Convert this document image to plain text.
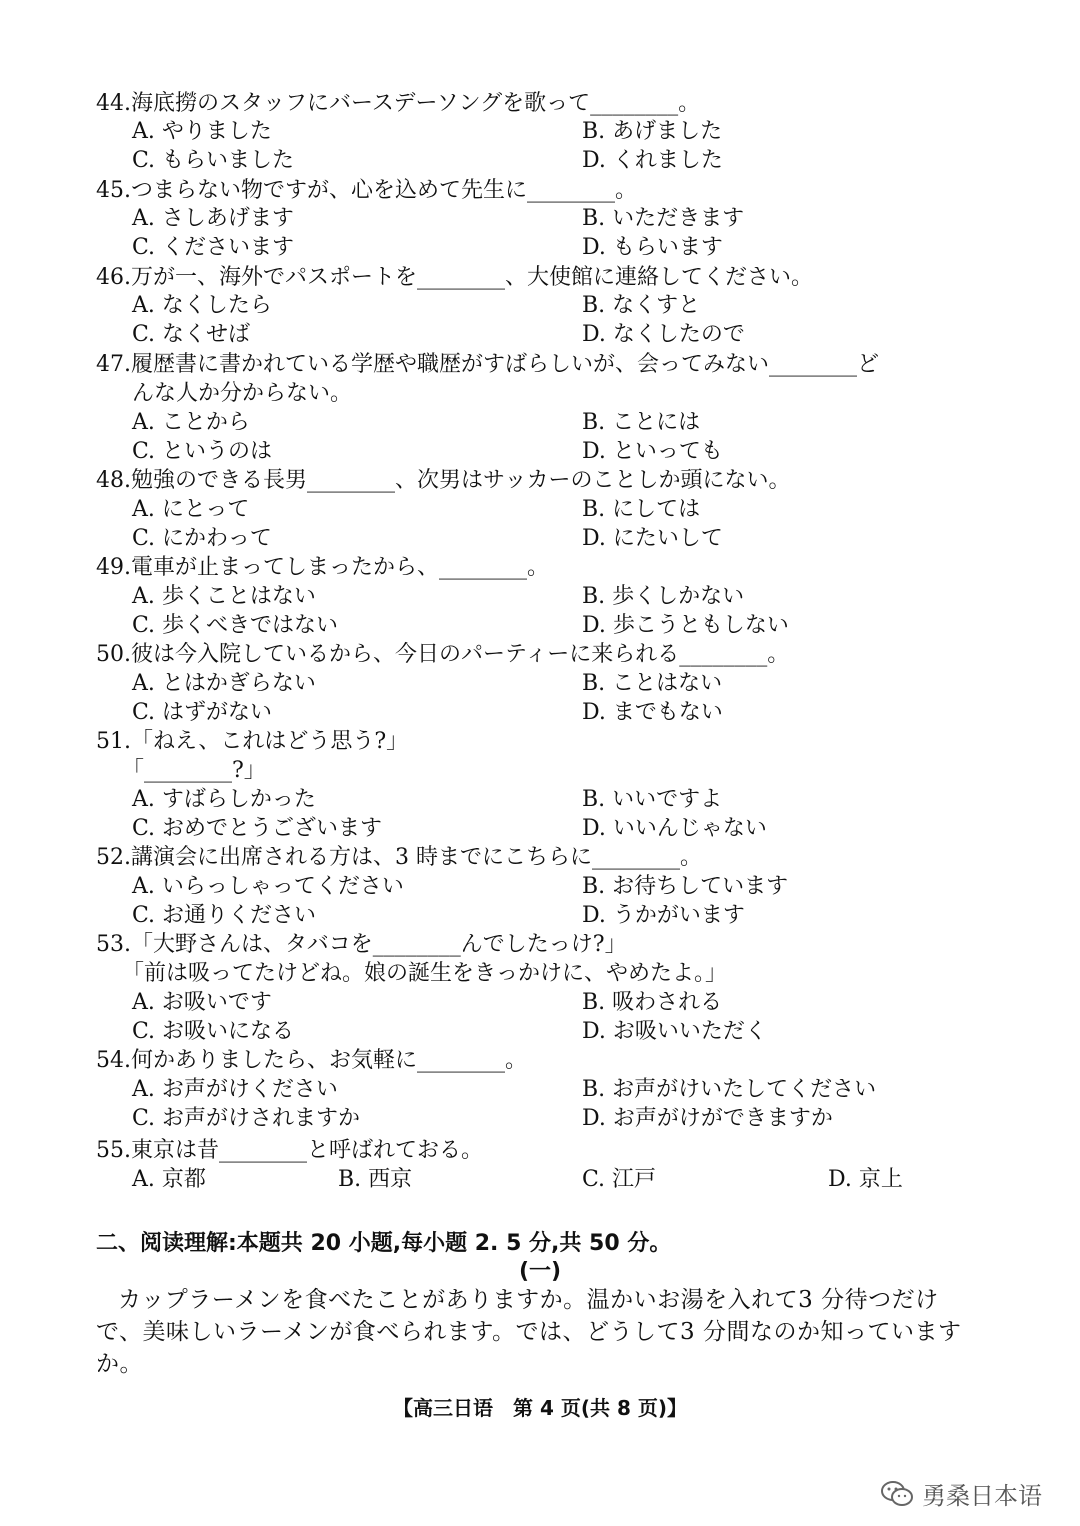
44.海底撈のスタッフにバースデーソングを歌って________。
A. やりました	B. あげました
C. もらいました	D. くれました
45.つまらない物ですが、心を込めて先生に________。
A. さしあげます	B. いただきます
C. くださいます	D. もらいます
46.万が一、海外でパスポートを________、大使館に連絡してください。
A. なくしたら	B. なくすと
C. なくせば	D. なくしたので
47.履歴書に書かれている学歴や職歴がすばらしいが、会ってみない________ど
んな人か分からない。
A. ことから	B. ことには
C. というのは	D. といっても
48.勉強のできる長男________、次男はサッカーのことしか頭にない。
A. にとって	B. にしては
C. にかわって	D. にたいして
49.電車が止まってしまったから、________。
A. 歩くことはない	B. 歩くしかない
C. 歩くべきではない	D. 歩こうともしない
50.彼は今入院しているから、今日のパーティーに来られる________。
A. とはかぎらない	B. ことはない
C. はずがない	D. までもない
51.「ねえ、これはどう思う?」
「________?」
A. すばらしかった	B. いいですよ
C. おめでとうございます	D. いいんじゃない
52.講演会に出席される方は、3 時までにこちらに________。
A. いらっしゃってください	B. お待ちしています
C. お通りください	D. うかがいます
53.「大野さんは、タバコを________んでしたっけ?」
「前は吸ってたけどね。娘の誕生をきっかけに、やめたよ。」
A. お吸いです	B. 吸わされる
C. お吸いになる	D. お吸いいただく
54.何かありましたら、お気軽に________。
A. お声がけください	B. お声がけいたしてください
C. お声がけされますか	D. お声がけができますか
55.東京は昔________と呼ばれておる。
A. 京都	B. 西京	C. 江戸	D. 京上
二、阅读理解:本题共 20 小题,每小题 2. 5 分,共 50 分。
(一)
カップラーメンを食べたことがありますか。温かいお湯を入れて3 分待つだけで、美味しいラーメンが食べられます。では、どうして3 分間なのか知っていますか。
【高三日语　第 4 页(共 8 页)】
勇桑日本语
